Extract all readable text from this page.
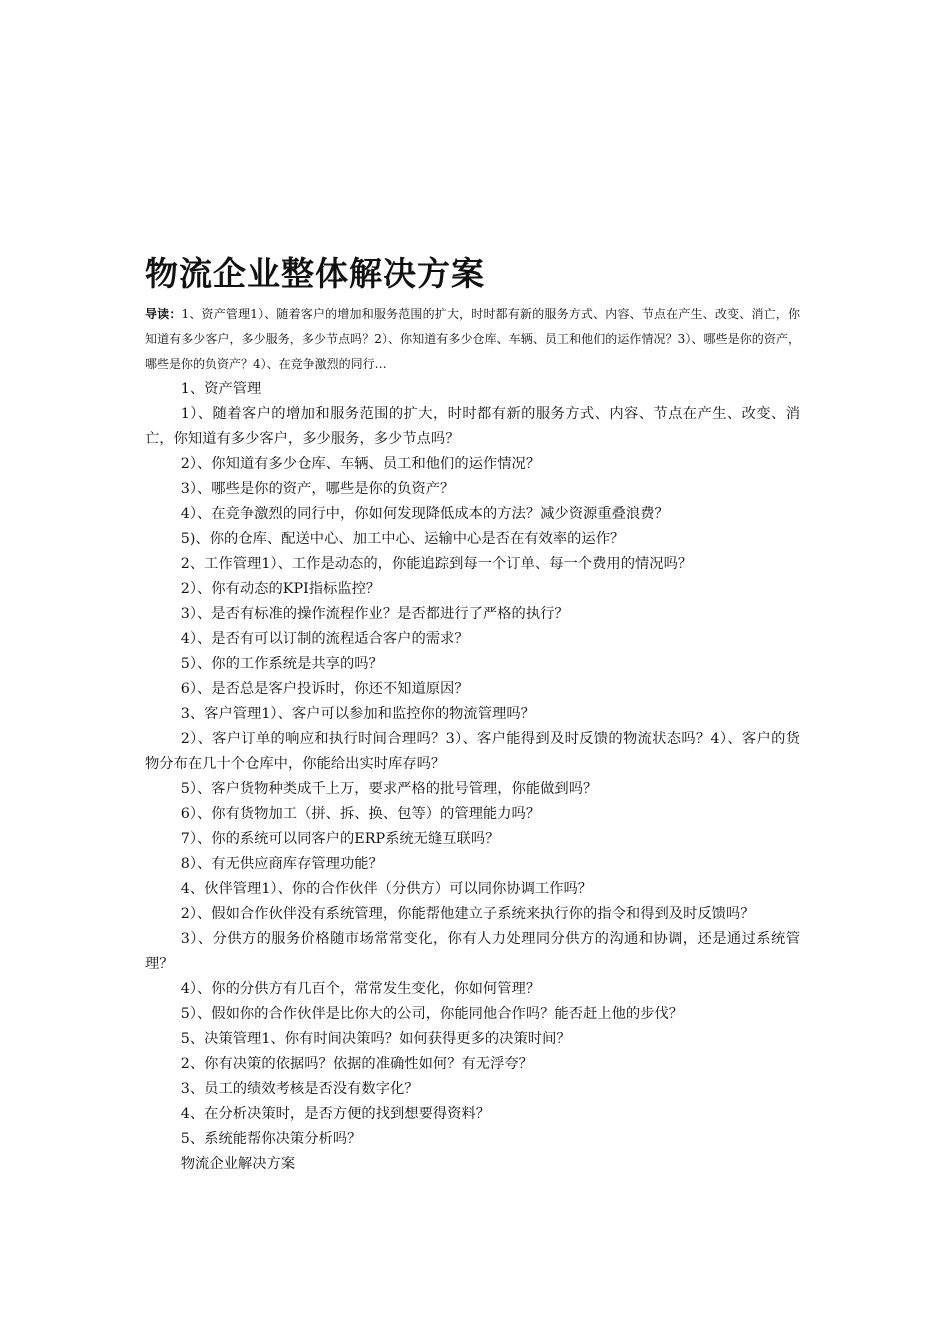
物流企业整体解决方案

导读：1、资产管理1）、随着客户的增加和服务范围的扩大，时时都有新的服务方式、内容、节点在产生、改变、消亡，你知道有多少客户，多少服务，多少节点吗？2）、你知道有多少仓库、车辆、员工和他们的运作情况？3）、哪些是你的资产，哪些是你的负资产？4）、在竞争激烈的同行…

1、资产管理

1）、随着客户的增加和服务范围的扩大，时时都有新的服务方式、内容、节点在产生、改变、消亡，你知道有多少客户，多少服务，多少节点吗？

2）、你知道有多少仓库、车辆、员工和他们的运作情况？

3）、哪些是你的资产，哪些是你的负资产？

4）、在竞争激烈的同行中，你如何发现降低成本的方法？减少资源重叠浪费？

5)、你的仓库、配送中心、加工中心、运输中心是否在有效率的运作？

2、工作管理1）、工作是动态的，你能追踪到每一个订单、每一个费用的情况吗？

2）、你有动态的KPI指标监控？

3）、是否有标准的操作流程作业？是否都进行了严格的执行？

4）、是否有可以订制的流程适合客户的需求？

5）、你的工作系统是共享的吗？

6）、是否总是客户投诉时，你还不知道原因？

3、客户管理1）、客户可以参加和监控你的物流管理吗？

2）、客户订单的响应和执行时间合理吗？3）、客户能得到及时反馈的物流状态吗？4）、客户的货物分布在几十个仓库中，你能给出实时库存吗？

5）、客户货物种类成千上万，要求严格的批号管理，你能做到吗？

6）、你有货物加工（拼、拆、换、包等）的管理能力吗？

7）、你的系统可以同客户的ERP系统无缝互联吗？

8）、有无供应商库存管理功能？

4、伙伴管理1）、你的合作伙伴（分供方）可以同你协调工作吗？

2）、假如合作伙伴没有系统管理，你能帮他建立子系统来执行你的指令和得到及时反馈吗？

3）、分供方的服务价格随市场常常变化，你有人力处理同分供方的沟通和协调，还是通过系统管理？

4）、你的分供方有几百个，常常发生变化，你如何管理？

5）、假如你的合作伙伴是比你大的公司，你能同他合作吗？能否赶上他的步伐？

5、决策管理1、你有时间决策吗？如何获得更多的决策时间？

2、你有决策的依据吗？依据的准确性如何？有无浮夸？

3、员工的绩效考核是否没有数字化？

4、在分析决策时，是否方便的找到想要得资料？

5、系统能帮你决策分析吗？

物流企业解决方案
